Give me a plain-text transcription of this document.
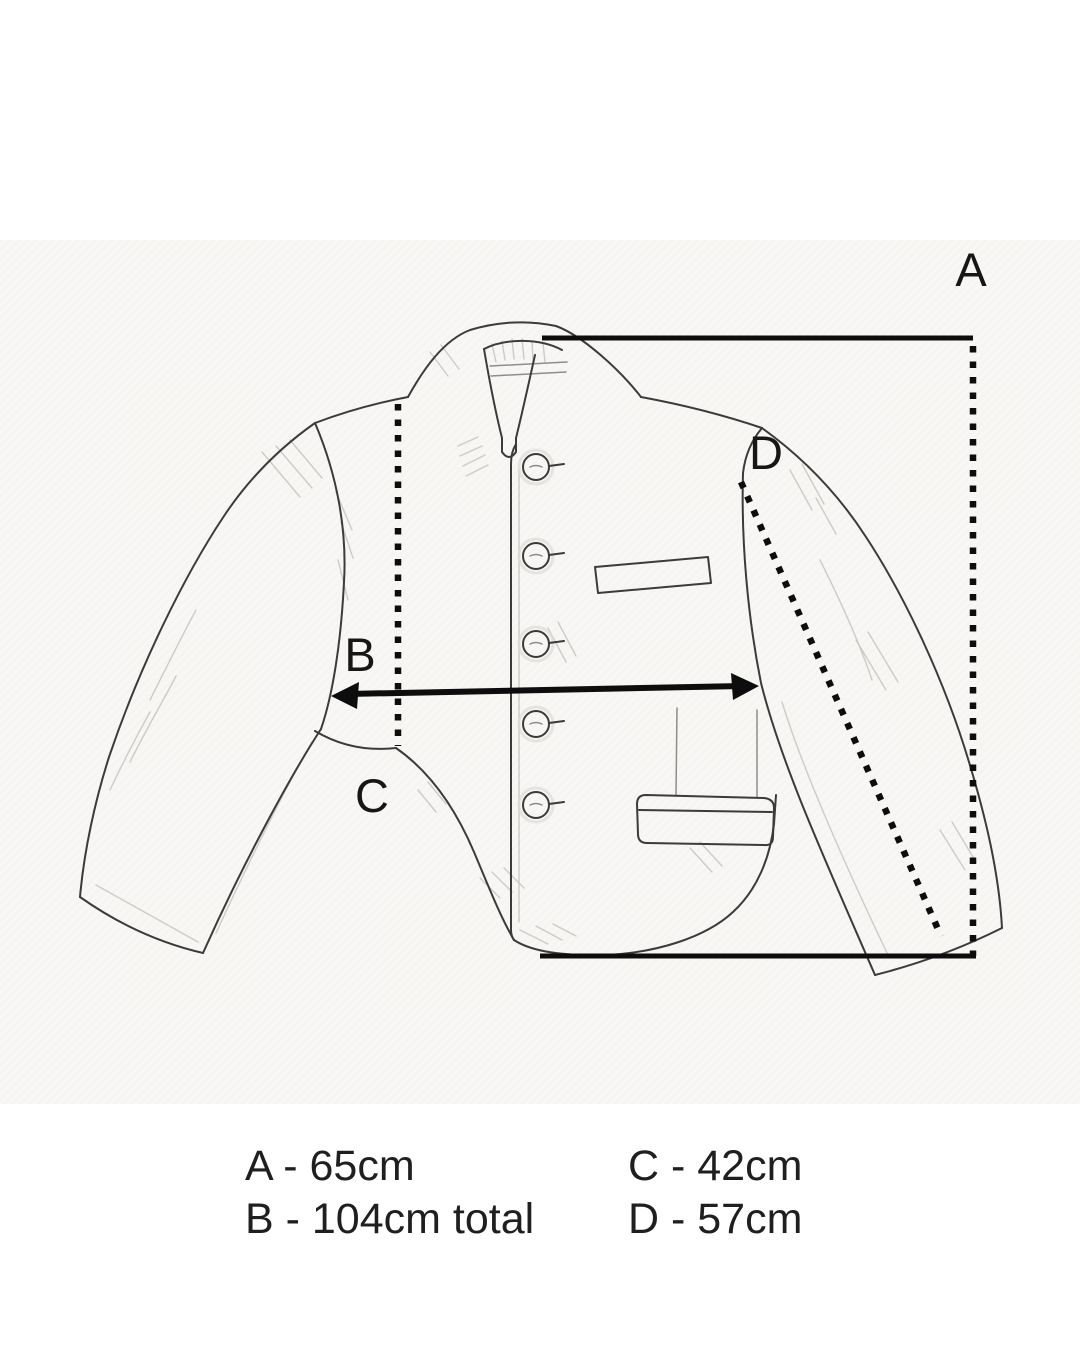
A
B
C
D
A - 65cm
B - 104cm total
C - 42cm
D - 57cm
